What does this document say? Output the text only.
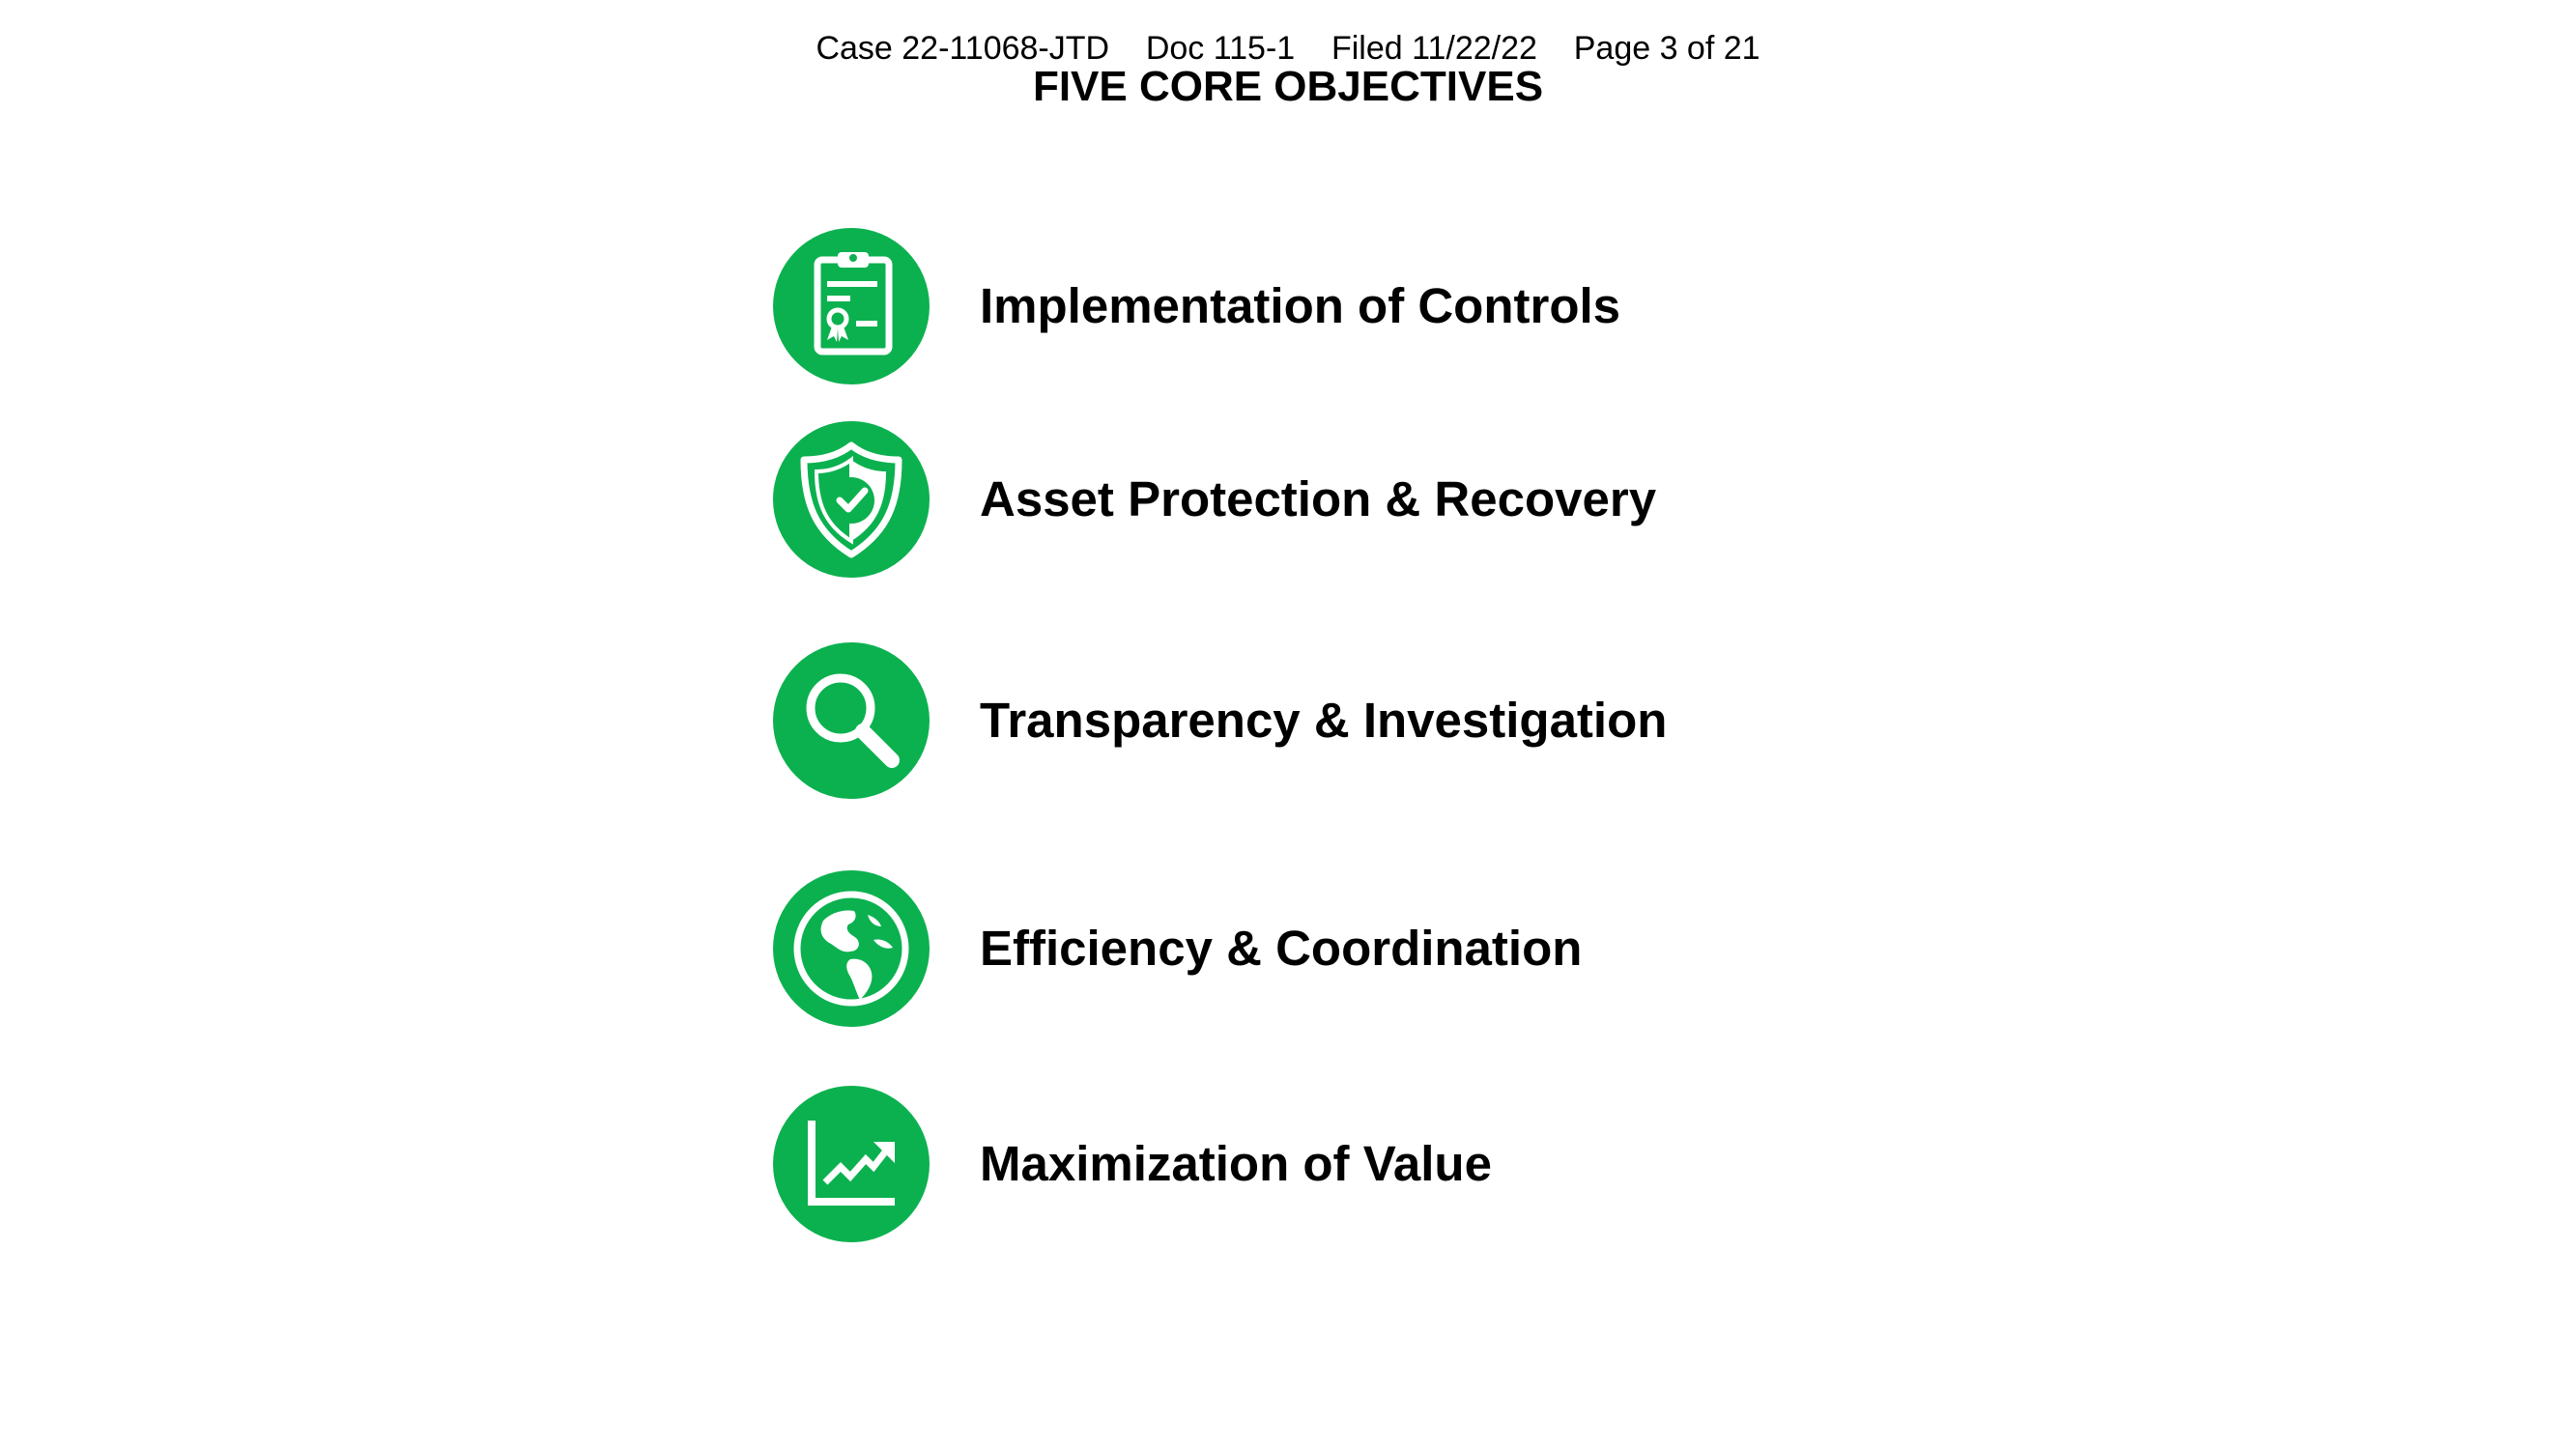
Case 22-11068-JTD    Doc 115-1    Filed 11/22/22    Page 3 of 21
FIVE CORE OBJECTIVES
Implementation of Controls
Asset Protection & Recovery
Transparency & Investigation
Efficiency & Coordination
Maximization of Value
